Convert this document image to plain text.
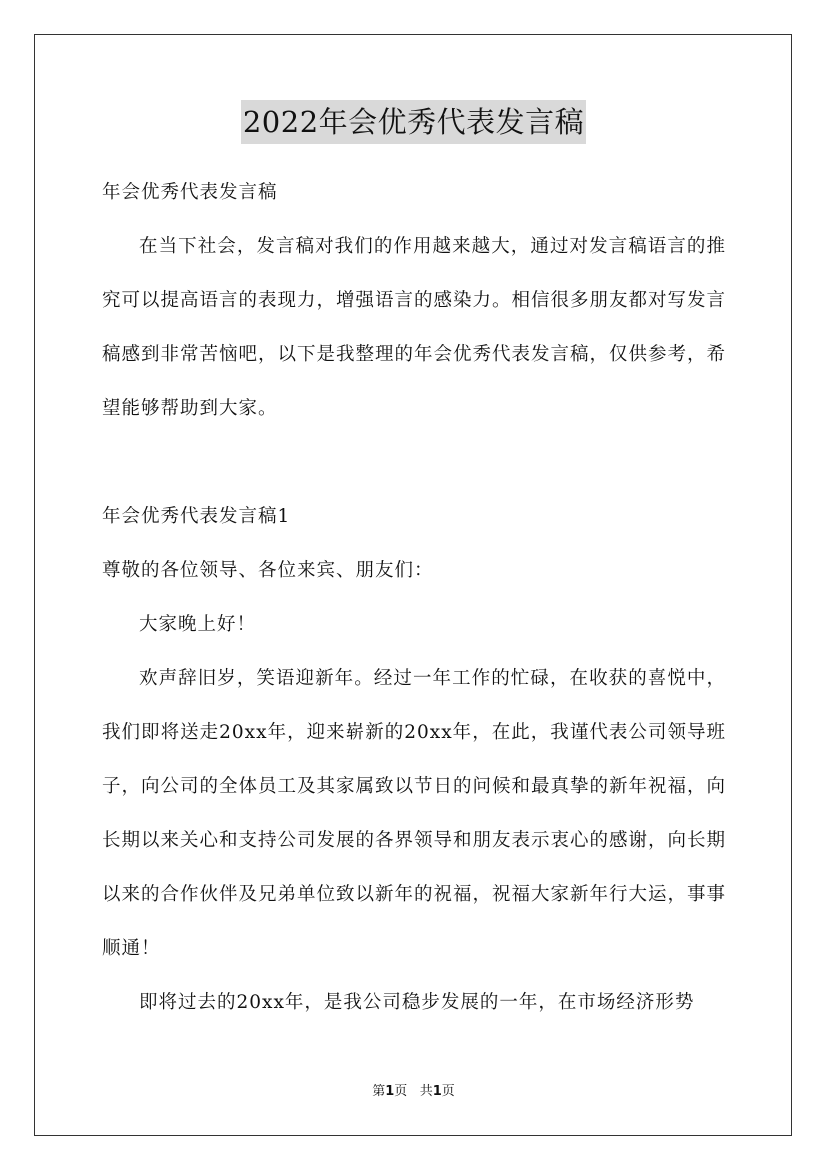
2022年会优秀代表发言稿

年会优秀代表发言稿

在当下社会，发言稿对我们的作用越来越大，通过对发言稿语言的推究可以提高语言的表现力，增强语言的感染力。相信很多朋友都对写发言稿感到非常苦恼吧，以下是我整理的年会优秀代表发言稿，仅供参考，希望能够帮助到大家。

年会优秀代表发言稿1

尊敬的各位领导、各位来宾、朋友们：

大家晚上好！

欢声辞旧岁，笑语迎新年。经过一年工作的忙碌，在收获的喜悦中，我们即将送走20xx年，迎来崭新的20xx年，在此，我谨代表公司领导班子，向公司的全体员工及其家属致以节日的问候和最真挚的新年祝福，向长期以来关心和支持公司发展的各界领导和朋友表示衷心的感谢，向长期以来的合作伙伴及兄弟单位致以新年的祝福，祝福大家新年行大运，事事顺通！

即将过去的20xx年，是我公司稳步发展的一年，在市场经济形势

第1页 共1页
